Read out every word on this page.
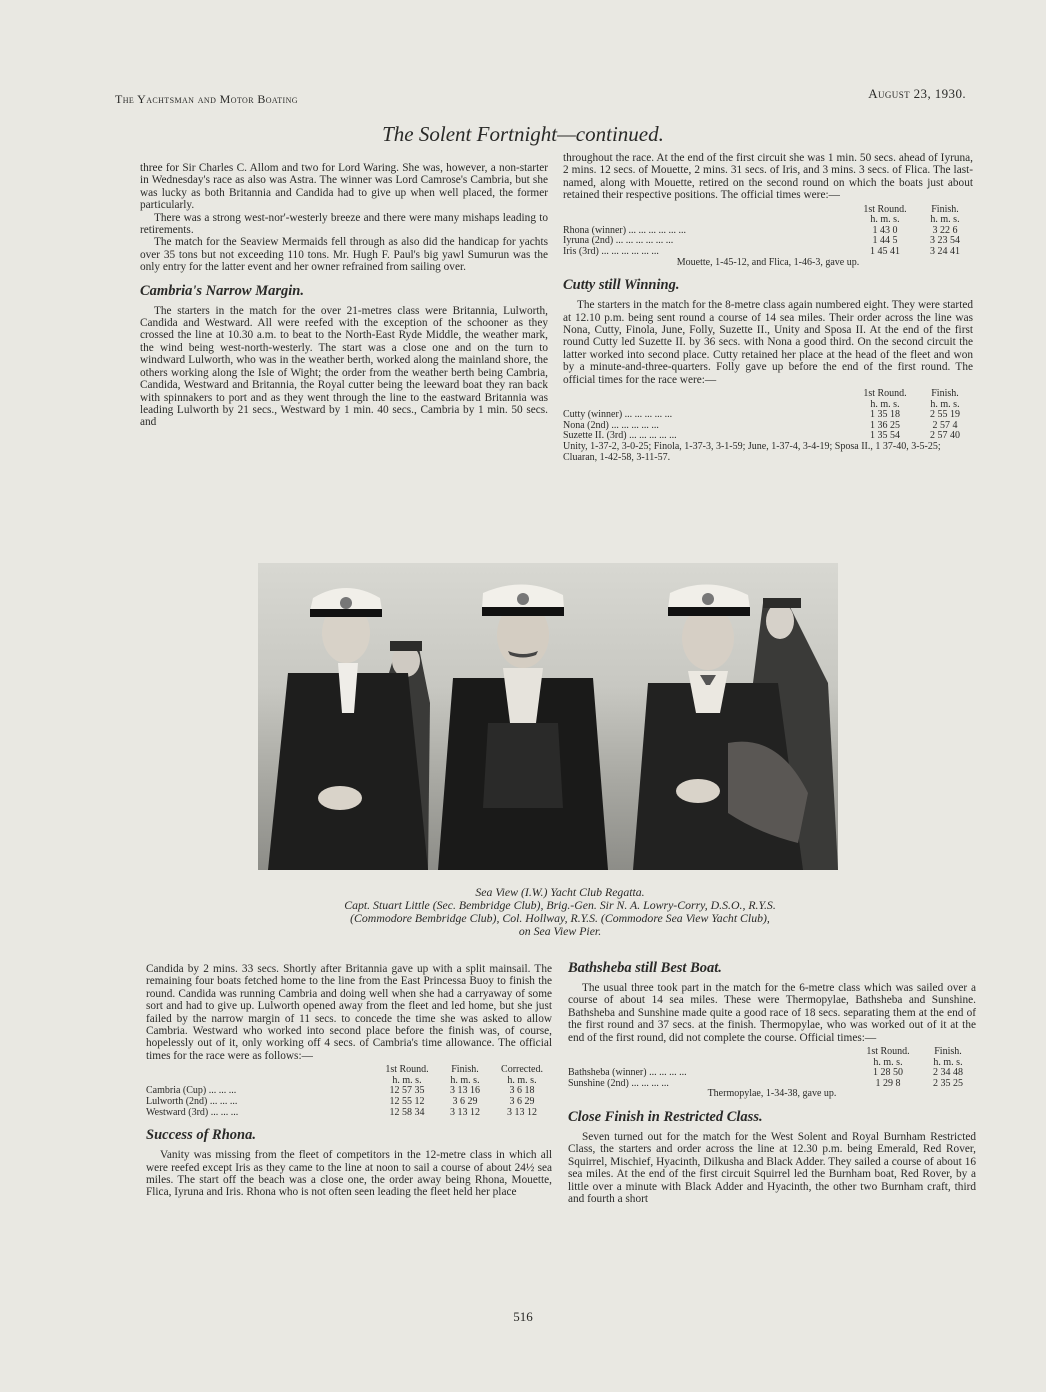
The Yachtsman and Motor Boating	August 23, 1930.
The Solent Fortnight—continued.

three for Sir Charles C. Allom and two for Lord Waring. She was, however, a non-starter in Wednesday's race as also was Astra. The winner was Lord Camrose's Cambria, but she was lucky as both Britannia and Candida had to give up when well placed, the former particularly.

There was a strong west-nor'-westerly breeze and there were many mishaps leading to retirements.

The match for the Seaview Mermaids fell through as also did the handicap for yachts over 35 tons but not exceeding 110 tons. Mr. Hugh F. Paul's big yawl Sumurun was the only entry for the latter event and her owner refrained from sailing over.

Cambria's Narrow Margin.

The starters in the match for the over 21-metres class were Britannia, Lulworth, Candida and Westward. All were reefed with the exception of the schooner as they crossed the line at 10.30 a.m. to beat to the North-East Ryde Middle, the weather mark, the wind being west-north-westerly. The start was a close one and on the turn to windward Lulworth, who was in the weather berth, worked along the mainland shore, the others working along the Isle of Wight; the order from the weather berth being Cambria, Candida, Westward and Britannia, the Royal cutter being the leeward boat they ran back with spinnakers to port and as they went through the line to the eastward Britannia was leading Lulworth by 21 secs., Westward by 1 min. 40 secs., Cambria by 1 min. 50 secs. and

throughout the race. At the end of the first circuit she was 1 min. 50 secs. ahead of Iyruna, 2 mins. 12 secs. of Mouette, 2 mins. 31 secs. of Iris, and 3 mins. 3 secs. of Flica. The last-named, along with Mouette, retired on the second round on which the boats just about retained their respective positions. The official times were:—

1st Round.	Finish.
h. m. s.	h. m. s.
Rhona (winner) ... ... ... ... ... ...	1 43 0	3 22 6
Iyruna (2nd) ... ... ... ... ... ...	1 44 5	3 23 54
Iris (3rd) ... ... ... ... ... ...	1 45 41	3 24 41
Mouette, 1-45-12, and Flica, 1-46-3, gave up.
Cutty still Winning.

The starters in the match for the 8-metre class again numbered eight. They were started at 12.10 p.m. being sent round a course of 14 sea miles. Their order across the line was Nona, Cutty, Finola, June, Folly, Suzette II., Unity and Sposa II. At the end of the first round Cutty led Suzette II. by 36 secs. with Nona a good third. On the second circuit the latter worked into second place. Cutty retained her place at the head of the fleet and won by a minute-and-three-quarters. Folly gave up before the end of the first round. The official times for the race were:—

1st Round.	Finish.
h. m. s.	h. m. s.
Cutty (winner) ... ... ... ... ...	1 35 18	2 55 19
Nona (2nd) ... ... ... ... ...	1 36 25	2 57 4
Suzette II. (3rd) ... ... ... ... ...	1 35 54	2 57 40
Unity, 1-37-2, 3-0-25; Finola, 1-37-3, 3-1-59; June, 1-37-4, 3-4-19; Sposa II., 1 37-40, 3-5-25; Cluaran, 1-42-58, 3-11-57.
Sea View (I.W.) Yacht Club Regatta.
Capt. Stuart Little (Sec. Bembridge Club), Brig.-Gen. Sir N. A. Lowry-Corry, D.S.O., R.Y.S.
(Commodore Bembridge Club), Col. Hollway, R.Y.S. (Commodore Sea View Yacht Club),
on Sea View Pier.

Candida by 2 mins. 33 secs. Shortly after Britannia gave up with a split mainsail. The remaining four boats fetched home to the line from the East Princessa Buoy to finish the round. Candida was running Cambria and doing well when she had a carryaway of some sort and had to give up. Lulworth opened away from the fleet and led home, but she just failed by the narrow margin of 11 secs. to concede the time she was asked to allow Cambria. Westward who worked into second place before the finish was, of course, hopelessly out of it, only working off 4 secs. of Cambria's time allowance. The official times for the race were as follows:—

1st Round.	Finish.	Corrected.
h. m. s.	h. m. s.	h. m. s.
Cambria (Cup) ... ... ...	12 57 35	3 13 16	3 6 18
Lulworth (2nd) ... ... ...	12 55 12	3 6 29	3 6 29
Westward (3rd) ... ... ...	12 58 34	3 13 12	3 13 12
Success of Rhona.

Vanity was missing from the fleet of competitors in the 12-metre class in which all were reefed except Iris as they came to the line at noon to sail a course of about 24½ sea miles. The start off the beach was a close one, the order away being Rhona, Mouette, Flica, Iyruna and Iris. Rhona who is not often seen leading the fleet held her place

Bathsheba still Best Boat.

The usual three took part in the match for the 6-metre class which was sailed over a course of about 14 sea miles. These were Thermopylae, Bathsheba and Sunshine. Bathsheba and Sunshine made quite a good race of 18 secs. separating them at the end of the first round and 37 secs. at the finish. Thermopylae, who was worked out of it at the end of the first round, did not complete the course. Official times:—

1st Round.	Finish.
h. m. s.	h. m. s.
Bathsheba (winner) ... ... ... ...	1 28 50	2 34 48
Sunshine (2nd) ... ... ... ...	1 29 8	2 35 25
Thermopylae, 1-34-38, gave up.
Close Finish in Restricted Class.

Seven turned out for the match for the West Solent and Royal Burnham Restricted Class, the starters and order across the line at 12.30 p.m. being Emerald, Red Rover, Squirrel, Mischief, Hyacinth, Dilkusha and Black Adder. They sailed a course of about 16 sea miles. At the end of the first circuit Squirrel led the Burnham boat, Red Rover, by a little over a minute with Black Adder and Hyacinth, the other two Burnham craft, third and fourth a short

516
